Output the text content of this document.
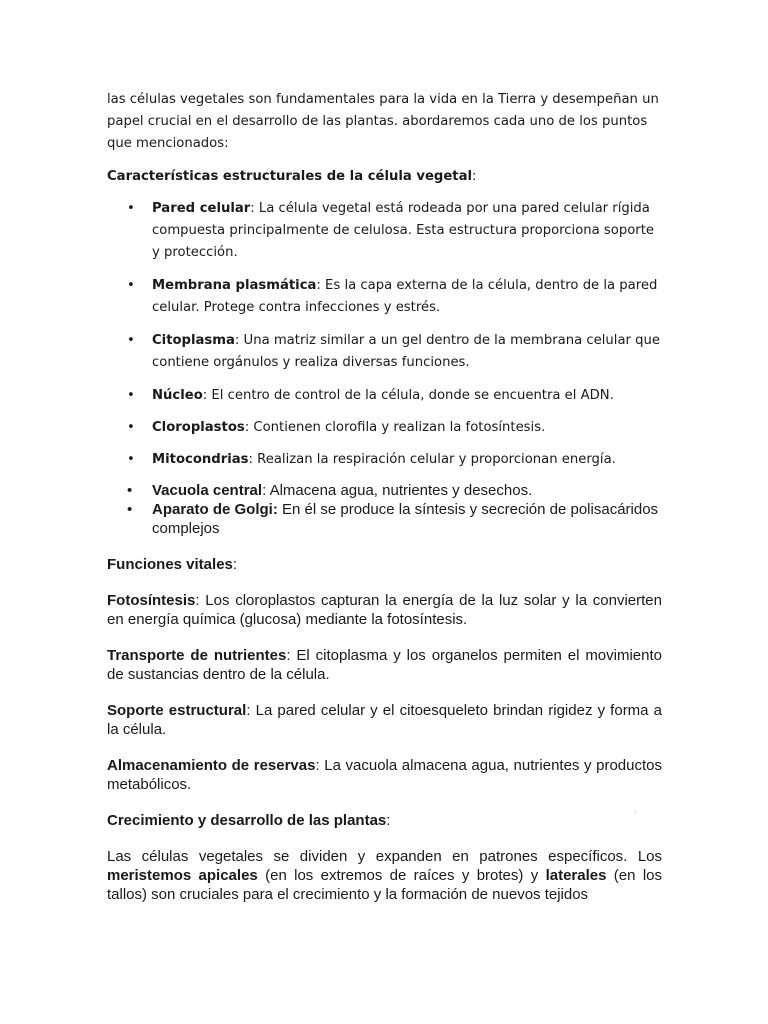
las células vegetales son fundamentales para la vida en la Tierra y desempeñan un papel crucial en el desarrollo de las plantas. abordaremos cada uno de los puntos que mencionados:

Características estructurales de la célula vegetal:

• Pared celular: La célula vegetal está rodeada por una pared celular rígida compuesta principalmente de celulosa. Esta estructura proporciona soporte y protección.
• Membrana plasmática: Es la capa externa de la célula, dentro de la pared celular. Protege contra infecciones y estrés.
• Citoplasma: Una matriz similar a un gel dentro de la membrana celular que contiene orgánulos y realiza diversas funciones.
• Núcleo: El centro de control de la célula, donde se encuentra el ADN.
• Cloroplastos: Contienen clorofila y realizan la fotosíntesis.
• Mitocondrias: Realizan la respiración celular y proporcionan energía.
• Vacuola central: Almacena agua, nutrientes y desechos.
• Aparato de Golgi: En él se produce la síntesis y secreción de polisacáridos complejos

Funciones vitales:

Fotosíntesis: Los cloroplastos capturan la energía de la luz solar y la convierten en energía química (glucosa) mediante la fotosíntesis.

Transporte de nutrientes: El citoplasma y los organelos permiten el movimiento de sustancias dentro de la célula.

Soporte estructural: La pared celular y el citoesqueleto brindan rigidez y forma a la célula.

Almacenamiento de reservas: La vacuola almacena agua, nutrientes y productos metabólicos.

Crecimiento y desarrollo de las plantas:

Las células vegetales se dividen y expanden en patrones específicos. Los meristemos apicales (en los extremos de raíces y brotes) y laterales (en los tallos) son cruciales para el crecimiento y la formación de nuevos tejidos

⁝
